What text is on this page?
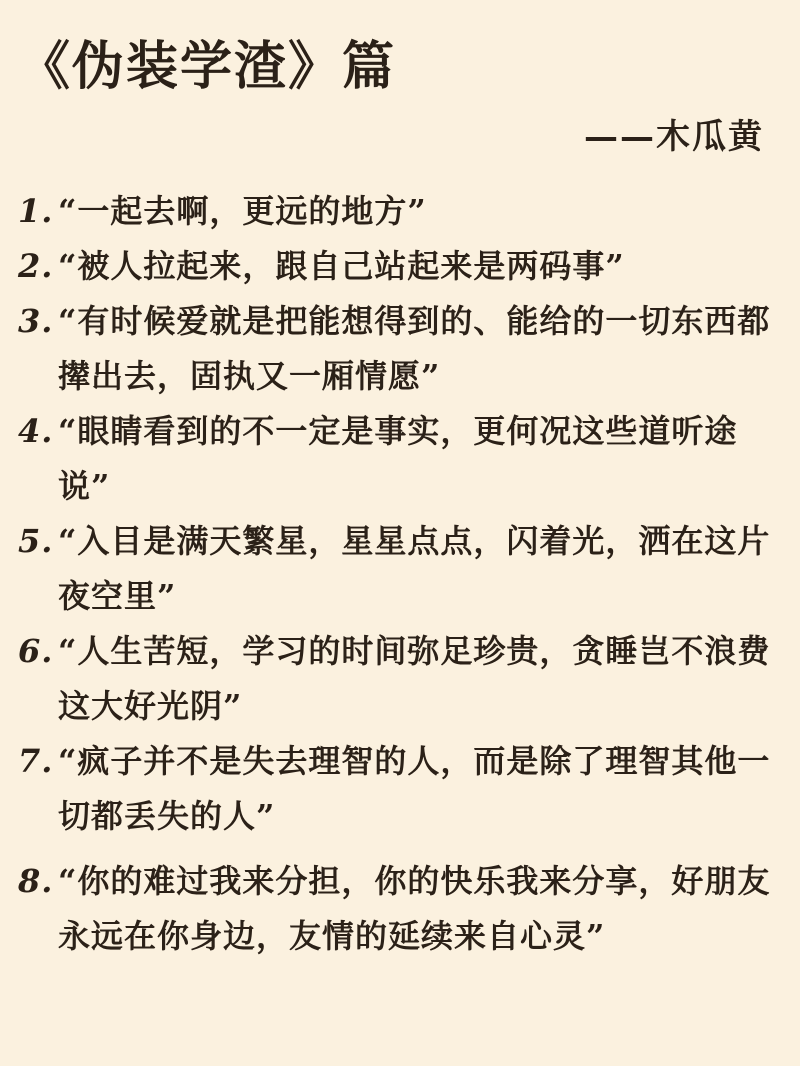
《伪装学渣》篇
——木瓜黄
1. “一起去啊，更远的地方”
2. “被人拉起来，跟自己站起来是两码事”
3. “有时候爱就是把能想得到的、能给的一切东西都撵出去，固执又一厢情愿”
4. “眼睛看到的不一定是事实，更何况这些道听途说”
5. “入目是满天繁星，星星点点，闪着光，洒在这片夜空里”
6. “人生苦短，学习的时间弥足珍贵，贪睡岂不浪费这大好光阴”
7. “疯子并不是失去理智的人，而是除了理智其他一切都丢失的人”
8. “你的难过我来分担，你的快乐我来分享，好朋友永远在你身边，友情的延续来自心灵”
